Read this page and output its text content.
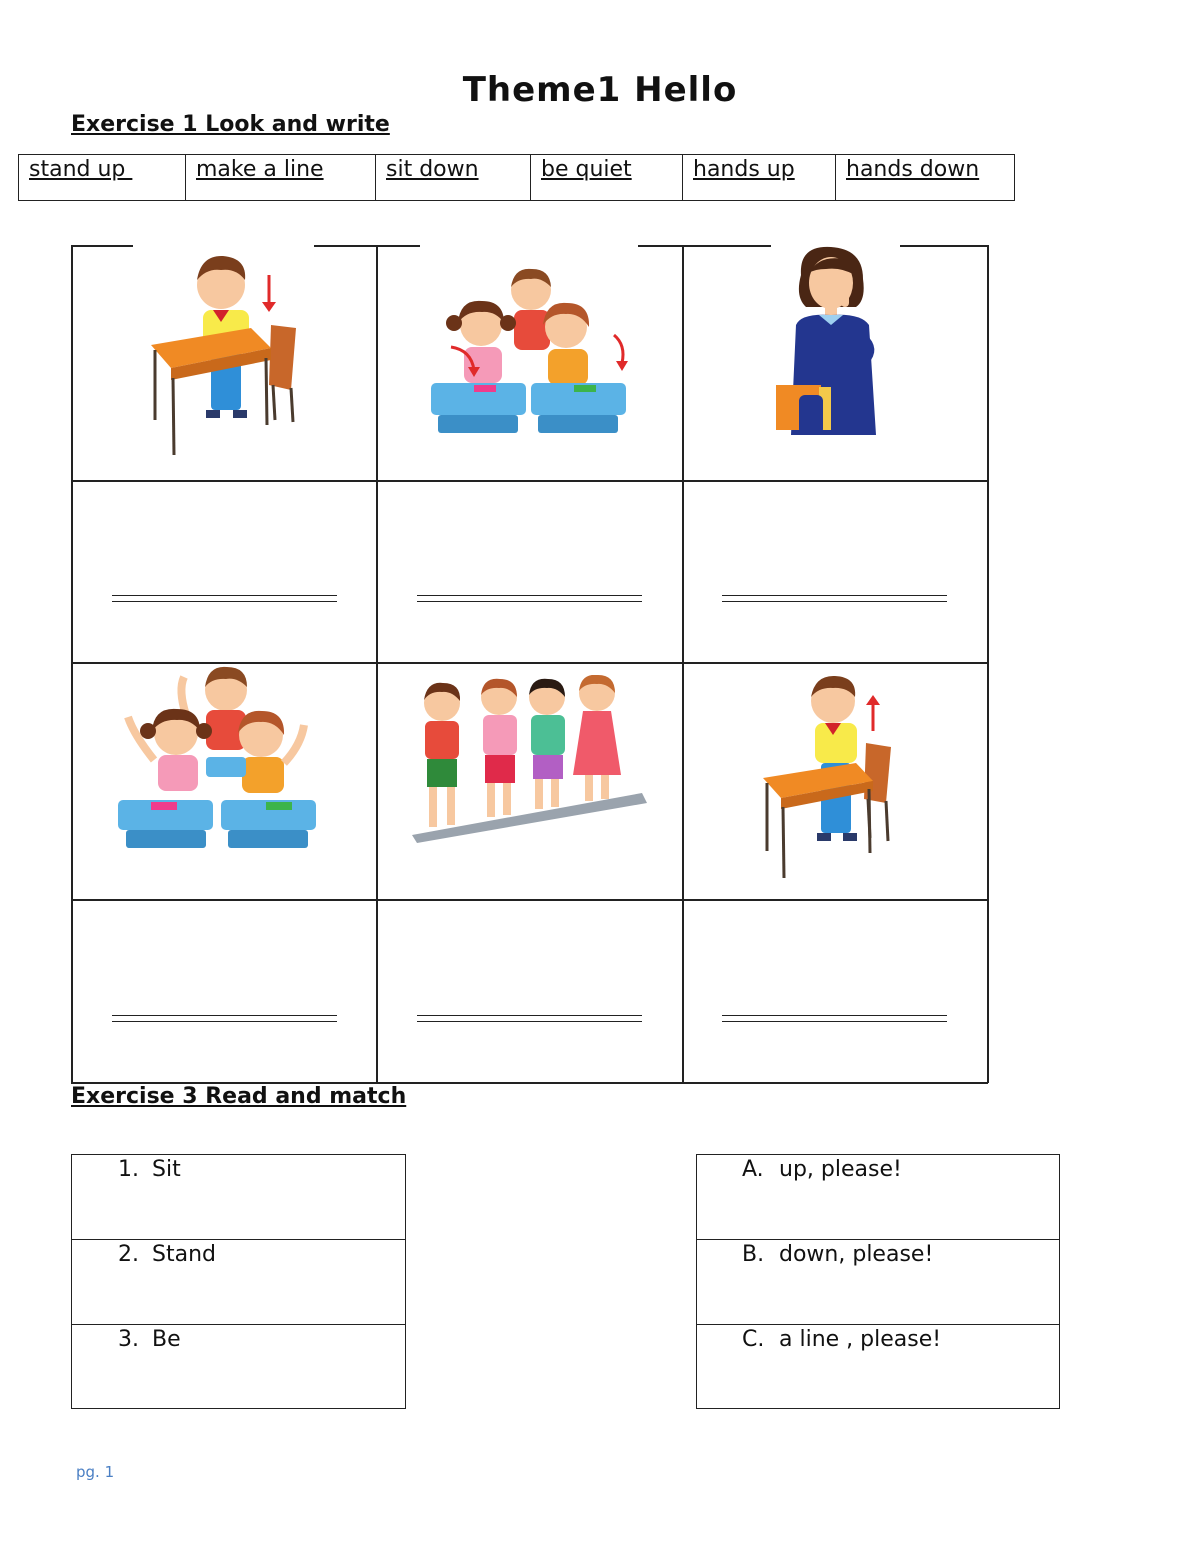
Theme1 Hello
Exercise 1 Look and write
stand up	make a line	sit down	be quiet	hands up	hands down
Exercise 3 Read and match
1. Sit
2. Stand
3. Be
A. up, please!
B. down, please!
C. a line , please!
pg. 1
